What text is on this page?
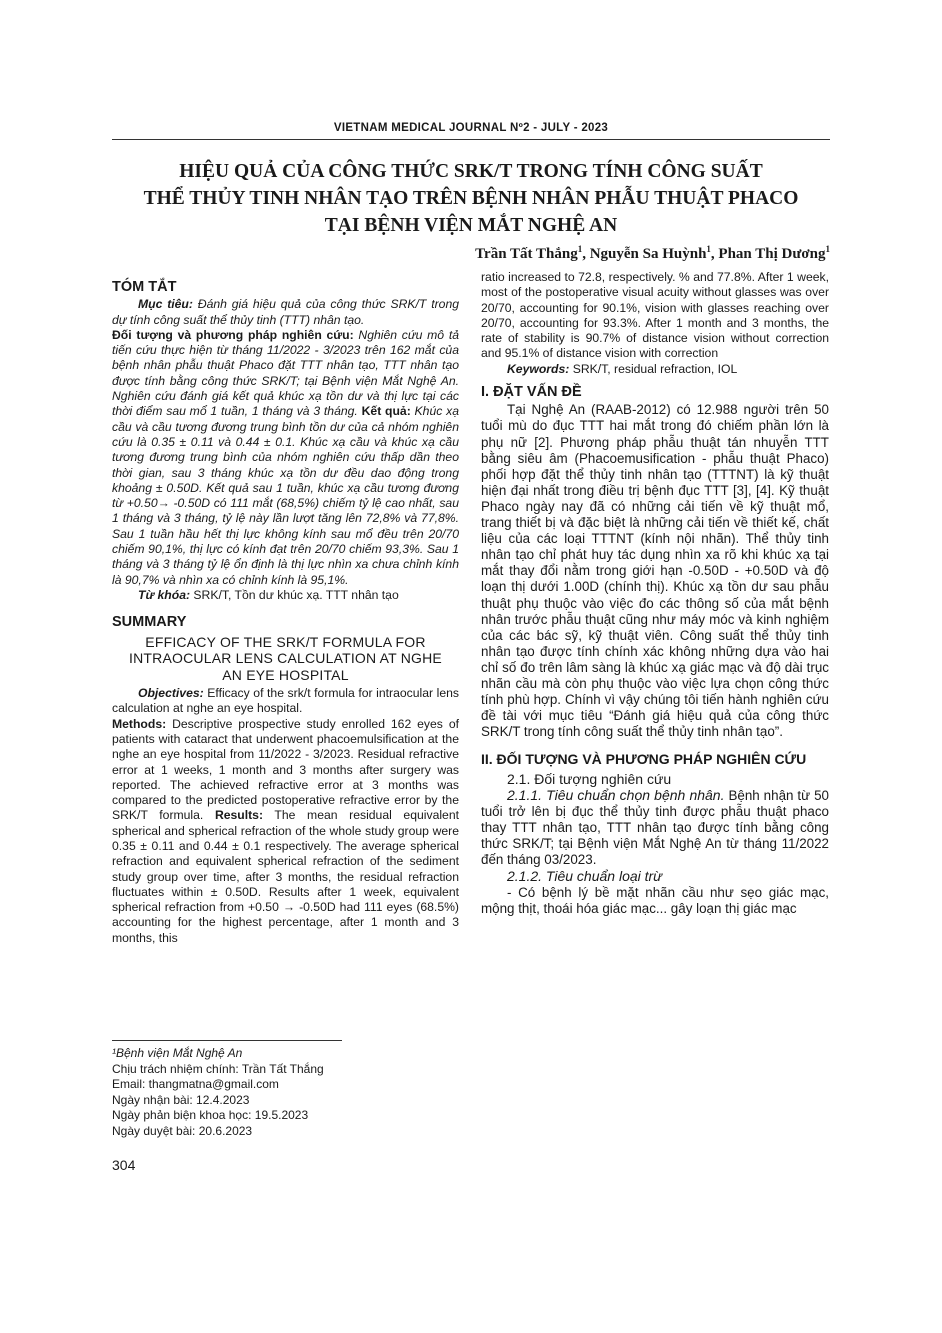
VIETNAM MEDICAL JOURNAL Nº2 - JULY - 2023
HIỆU QUẢ CỦA CÔNG THỨC SRK/T TRONG TÍNH CÔNG SUẤT
THỂ THỦY TINH NHÂN TẠO TRÊN BỆNH NHÂN PHẪU THUẬT PHACO
TẠI BỆNH VIỆN MẮT NGHỆ AN
Trần Tất Thắng$^1$, Nguyễn Sa Huỳnh$^1$, Phan Thị Dương$^1$
TÓM TẮT

Mục tiêu: Đánh giá hiệu quả của công thức SRK/T trong dự tính công suất thể thủy tinh (TTT) nhân tạo.

Đối tượng và phương pháp nghiên cứu: Nghiên cứu mô tả tiến cứu thực hiện từ tháng 11/2022 - 3/2023 trên 162 mắt của bệnh nhân phẫu thuật Phaco đặt TTT nhân tạo, TTT nhân tạo được tính bằng công thức SRK/T; tại Bệnh viện Mắt Nghệ An. Nghiên cứu đánh giá kết quả khúc xạ tồn dư và thị lực tại các thời điểm sau mổ 1 tuần, 1 tháng và 3 tháng. Kết quả: Khúc xạ cầu và cầu tương đương trung bình tồn dư của cả nhóm nghiên cứu là 0.35 ± 0.11 và 0.44 ± 0.1. Khúc xạ cầu và khúc xạ cầu tương đương trung bình của nhóm nghiên cứu thấp dần theo thời gian, sau 3 tháng khúc xạ tồn dư đều dao động trong khoảng ± 0.50D. Kết quả sau 1 tuần, khúc xạ cầu tương đương từ +0.50→ -0.50D có 111 mắt (68,5%) chiếm tỷ lệ cao nhất, sau 1 tháng và 3 tháng, tỷ lệ này lần lượt tăng lên 72,8% và 77,8%. Sau 1 tuần hầu hết thị lực không kính sau mổ đều trên 20/70 chiếm 90,1%, thị lực có kính đạt trên 20/70 chiếm 93,3%. Sau 1 tháng và 3 tháng tỷ lệ ổn định là thị lực nhìn xa chưa chỉnh kính là 90,7% và nhìn xa có chỉnh kính là 95,1%.

Từ khóa: SRK/T, Tồn dư khúc xạ. TTT nhân tạo

SUMMARY
EFFICACY OF THE SRK/T FORMULA FOR INTRAOCULAR LENS CALCULATION AT NGHE AN EYE HOSPITAL

Objectives: Efficacy of the srk/t formula for intraocular lens calculation at nghe an eye hospital.

Methods: Descriptive prospective study enrolled 162 eyes of patients with cataract that underwent phacoemulsification at the nghe an eye hospital from 11/2022 - 3/2023. Residual refractive error at 1 weeks, 1 month and 3 months after surgery was reported. The achieved refractive error at 3 months was compared to the predicted postoperative refractive error by the SRK/T formula. Results: The mean residual equivalent spherical and spherical refraction of the whole study group were 0.35 ± 0.11 and 0.44 ± 0.1 respectively. The average spherical refraction and equivalent spherical refraction of the sediment study group over time, after 3 months, the residual refraction fluctuates within ± 0.50D. Results after 1 week, equivalent spherical refraction from +0.50 → -0.50D had 111 eyes (68.5%) accounting for the highest percentage, after 1 month and 3 months, this

¹Bệnh viện Mắt Nghệ An
Chịu trách nhiệm chính: Trần Tất Thắng
Email: thangmatna@gmail.com
Ngày nhận bài: 12.4.2023
Ngày phản biện khoa học: 19.5.2023
Ngày duyệt bài: 20.6.2023
304

ratio increased to 72.8, respectively. % and 77.8%. After 1 week, most of the postoperative visual acuity without glasses was over 20/70, accounting for 90.1%, vision with glasses reaching over 20/70, accounting for 93.3%. After 1 month and 3 months, the rate of stability is 90.7% of distance vision without correction and 95.1% of distance vision with correction

Keywords: SRK/T, residual refraction, IOL

I. ĐẶT VẤN ĐỀ

Tại Nghệ An (RAAB-2012) có 12.988 người trên 50 tuổi mù do đục TTT hai mắt trong đó chiếm phần lớn là phụ nữ [2]. Phương pháp phẫu thuật tán nhuyễn TTT bằng siêu âm (Phacoemusification - phẫu thuật Phaco) phối hợp đặt thể thủy tinh nhân tạo (TTTNT) là kỹ thuật hiện đại nhất trong điều trị bệnh đục TTT [3], [4]. Kỹ thuật Phaco ngày nay đã có những cải tiến về kỹ thuật mổ, trang thiết bị và đặc biệt là những cải tiến về thiết kế, chất liệu của các loại TTTNT (kính nội nhãn). Thể thủy tinh nhân tạo chỉ phát huy tác dụng nhìn xa rõ khi khúc xạ tại mắt thay đổi nằm trong giới hạn -0.50D - +0.50D và độ loạn thị dưới 1.00D (chính thị). Khúc xạ tồn dư sau phẫu thuật phụ thuộc vào việc đo các thông số của mắt bệnh nhân trước phẫu thuật cũng như máy móc và kinh nghiệm của các bác sỹ, kỹ thuật viên. Công suất thể thủy tinh nhân tạo được tính chính xác không những dựa vào hai chỉ số đo trên lâm sàng là khúc xạ giác mạc và độ dài trục nhãn cầu mà còn phụ thuộc vào việc lựa chọn công thức tính phù hợp. Chính vì vậy chúng tôi tiến hành nghiên cứu đề tài với mục tiêu “Đánh giá hiệu quả của công thức SRK/T trong tính công suất thể thủy tinh nhân tạo”.

II. ĐỐI TƯỢNG VÀ PHƯƠNG PHÁP NGHIÊN CỨU
2.1. Đối tượng nghiên cứu

2.1.1. Tiêu chuẩn chọn bệnh nhân. Bệnh nhận từ 50 tuổi trở lên bị đục thể thủy tinh được phẫu thuật phaco thay TTT nhân tạo, TTT nhân tạo được tính bằng công thức SRK/T; tại Bệnh viện Mắt Nghệ An từ tháng 11/2022 đến tháng 03/2023.

2.1.2. Tiêu chuẩn loại trừ

- Có bệnh lý bề mặt nhãn cầu như sẹo giác mạc, mộng thịt, thoái hóa giác mạc... gây loạn thị giác mạc
